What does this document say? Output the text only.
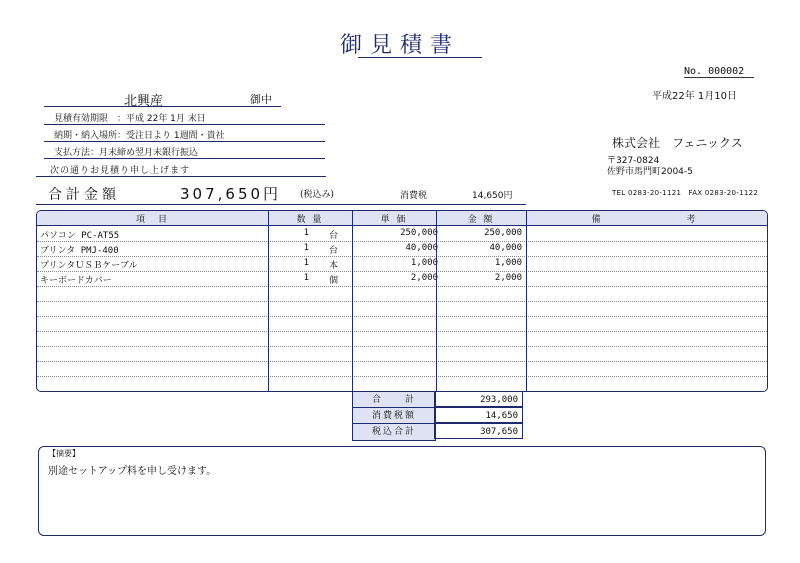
御見積書
No. 000002
平成22年 1月10日
北興産	御中
見積有効期限　：平成 22年 1月 末日
納期・納入場所：受注日より 1週間・貴社
支払方法：月末締め翌月末銀行振込
次の通りお見積り申し上げます
株式会社　フェニックス
〒327-0824
佐野市馬門町2004-5
TEL 0283-20-1121　FAX 0283-20-1122
合計金額	307,650円 (税込み)	消費税	14,650円
項　目	数 量	単 価	金 額	備	考
パソコン PC-AT55	1 台	250,000	250,000
プリンタ PMJ-400	1 台	40,000	40,000
プリンタＵＳＢケーブル	1 本	1,000	1,000
キーボードカバー	1 個	2,000	2,000
合　　計	293,000
消費税額	14,650
税込合計	307,650
【摘要】
別途セットアップ料を申し受けます。
